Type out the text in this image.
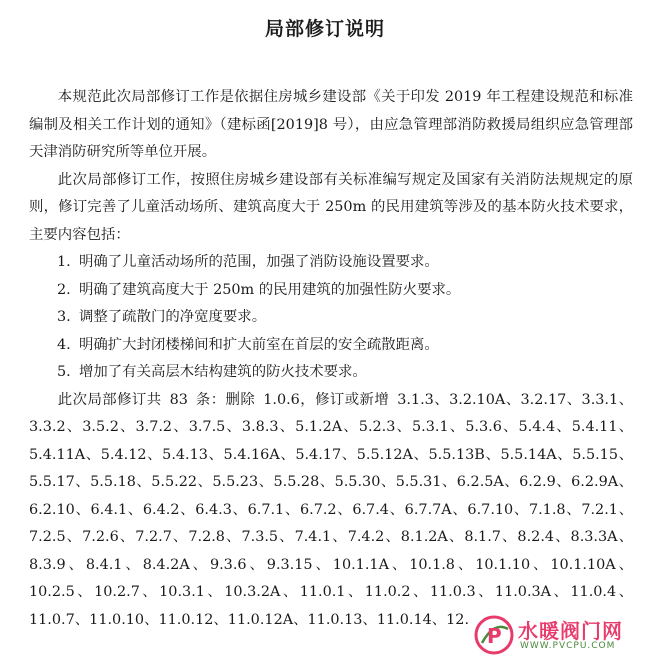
局部修订说明

本规范此次局部修订工作是依据住房城乡建设部《关于印发 2019 年工程建设规范和标准编制及相关工作计划的通知》（建标函[2019]8 号），由应急管理部消防救援局组织应急管理部天津消防研究所等单位开展。

此次局部修订工作，按照住房城乡建设部有关标准编写规定及国家有关消防法规规定的原则，修订完善了儿童活动场所、建筑高度大于 250m 的民用建筑等涉及的基本防火技术要求，主要内容包括：

1. 明确了儿童活动场所的范围，加强了消防设施设置要求。
2. 明确了建筑高度大于 250m 的民用建筑的加强性防火要求。
3. 调整了疏散门的净宽度要求。
4. 明确扩大封闭楼梯间和扩大前室在首层的安全疏散距离。
5. 增加了有关高层木结构建筑的防火技术要求。

此次局部修订共 83 条：删除 1.0.6，修订或新增 3.1.3、3.2.10A、3.2.17、3.3.1、3.3.2、3.5.2、3.7.2、3.7.5、3.8.3、5.1.2A、5.2.3、5.3.1、5.3.6、5.4.4、5.4.11、5.4.11A、5.4.12、5.4.13、5.4.16A、5.4.17、5.5.12A、5.5.13B、5.5.14A、5.5.15、5.5.17、5.5.18、5.5.22、5.5.23、5.5.28、5.5.30、5.5.31、6.2.5A、6.2.9、6.2.9A、6.2.10、6.4.1、6.4.2、6.4.3、6.7.1、6.7.2、6.7.4、6.7.7A、6.7.10、7.1.8、7.2.1、7.2.5、7.2.6、7.2.7、7.2.8、7.3.5、7.4.1、7.4.2、8.1.2A、8.1.7、8.2.4、8.3.3A、8.3.9、8.4.1、8.4.2A、9.3.6、9.3.15、10.1.1A、10.1.8、10.1.10、10.1.10A、10.2.5、10.2.7、10.3.1、10.3.2A、11.0.1、11.0.2、11.0.3、11.0.3A、11.0.4、11.0.7、11.0.10、11.0.12、11.0.12A、11.0.13、11.0.14、12.

P 水暖阀门网
WWW.PVCPU.COM
